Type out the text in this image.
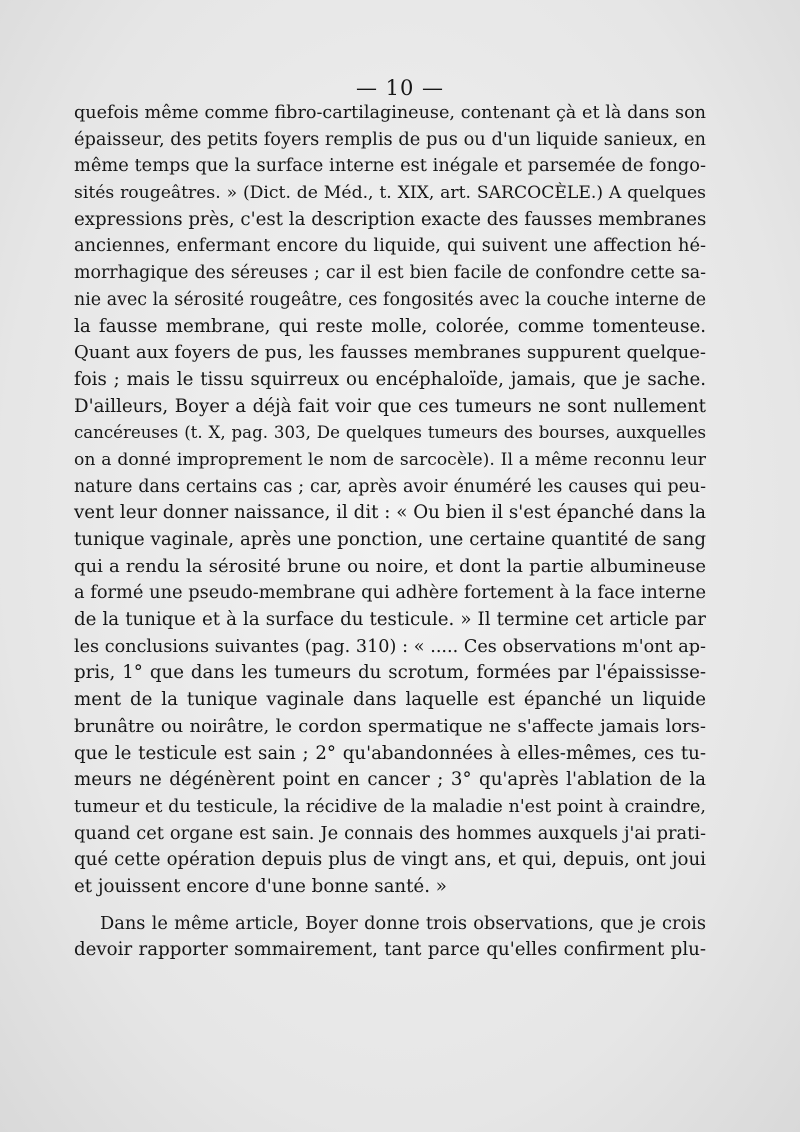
— 10 —
quefois même comme fibro-cartilagineuse, contenant çà et là dans son
épaisseur, des petits foyers remplis de pus ou d'un liquide sanieux, en
même temps que la surface interne est inégale et parsemée de fongo-
sités rougeâtres. » (Dict. de Méd., t. XIX, art. SARCOCÈLE.) A quelques
expressions près, c'est la description exacte des fausses membranes
anciennes, enfermant encore du liquide, qui suivent une affection hé-
morrhagique des séreuses ; car il est bien facile de confondre cette sa-
nie avec la sérosité rougeâtre, ces fongosités avec la couche interne de
la fausse membrane, qui reste molle, colorée, comme tomenteuse.
Quant aux foyers de pus, les fausses membranes suppurent quelque-
fois ; mais le tissu squirreux ou encéphaloïde, jamais, que je sache.
D'ailleurs, Boyer a déjà fait voir que ces tumeurs ne sont nullement
cancéreuses (t. X, pag. 303, De quelques tumeurs des bourses, auxquelles
on a donné improprement le nom de sarcocèle). Il a même reconnu leur
nature dans certains cas ; car, après avoir énuméré les causes qui peu-
vent leur donner naissance, il dit : « Ou bien il s'est épanché dans la
tunique vaginale, après une ponction, une certaine quantité de sang
qui a rendu la sérosité brune ou noire, et dont la partie albumineuse
a formé une pseudo-membrane qui adhère fortement à la face interne
de la tunique et à la surface du testicule. » Il termine cet article par
les conclusions suivantes (pag. 310) : « ..... Ces observations m'ont ap-
pris, 1° que dans les tumeurs du scrotum, formées par l'épaississe-
ment de la tunique vaginale dans laquelle est épanché un liquide
brunâtre ou noirâtre, le cordon spermatique ne s'affecte jamais lors-
que le testicule est sain ; 2° qu'abandonnées à elles-mêmes, ces tu-
meurs ne dégénèrent point en cancer ; 3° qu'après l'ablation de la
tumeur et du testicule, la récidive de la maladie n'est point à craindre,
quand cet organe est sain. Je connais des hommes auxquels j'ai prati-
qué cette opération depuis plus de vingt ans, et qui, depuis, ont joui
et jouissent encore d'une bonne santé. »
Dans le même article, Boyer donne trois observations, que je crois
devoir rapporter sommairement, tant parce qu'elles confirment plu-
